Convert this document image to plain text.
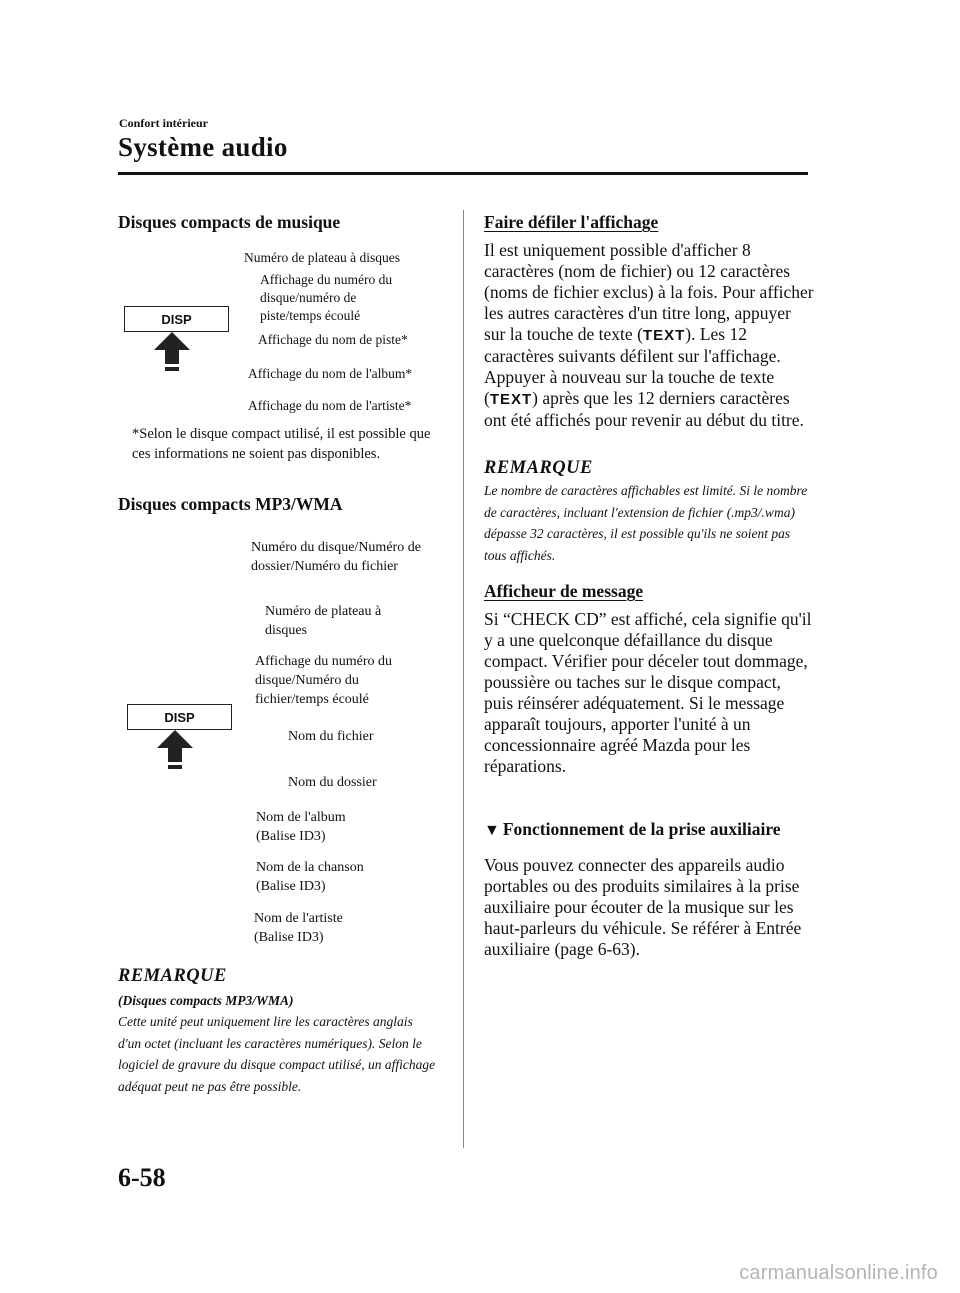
Confort intérieur
Système audio
Disques compacts de musique
DISP
Numéro de plateau à disques
Affichage du numéro du disque/numéro de piste/temps écoulé
Affichage du nom de piste*
Affichage du nom de l'album*
Affichage du nom de l'artiste*
*Selon le disque compact utilisé, il est possible que ces informations ne soient pas disponibles.
Disques compacts MP3/WMA
DISP
Numéro du disque/Numéro de dossier/Numéro du fichier
Numéro de plateau à disques
Affichage du numéro du disque/Numéro du fichier/temps écoulé
Nom du fichier
Nom du dossier
Nom de l'album (Balise ID3)
Nom de la chanson (Balise ID3)
Nom de l'artiste (Balise ID3)
REMARQUE
(Disques compacts MP3/WMA)
Cette unité peut uniquement lire les caractères anglais d'un octet (incluant les caractères numériques). Selon le logiciel de gravure du disque compact utilisé, un affichage adéquat peut ne pas être possible.
Faire défiler l'affichage
Il est uniquement possible d'afficher 8 caractères (nom de fichier) ou 12 caractères (noms de fichier exclus) à la fois. Pour afficher les autres caractères d'un titre long, appuyer sur la touche de texte (TEXT). Les 12 caractères suivants défilent sur l'affichage. Appuyer à nouveau sur la touche de texte (TEXT) après que les 12 derniers caractères ont été affichés pour revenir au début du titre.
REMARQUE
Le nombre de caractères affichables est limité. Si le nombre de caractères, incluant l'extension de fichier (.mp3/.wma) dépasse 32 caractères, il est possible qu'ils ne soient pas tous affichés.
Afficheur de message
Si “CHECK CD” est affiché, cela signifie qu'il y a une quelconque défaillance du disque compact. Vérifier pour déceler tout dommage, poussière ou taches sur le disque compact, puis réinsérer adéquatement. Si le message apparaît toujours, apporter l'unité à un concessionnaire agréé Mazda pour les réparations.
▼ Fonctionnement de la prise auxiliaire
Vous pouvez connecter des appareils audio portables ou des produits similaires à la prise auxiliaire pour écouter de la musique sur les haut-parleurs du véhicule. Se référer à Entrée auxiliaire (page 6-63).
6-58
carmanualsonline.info
